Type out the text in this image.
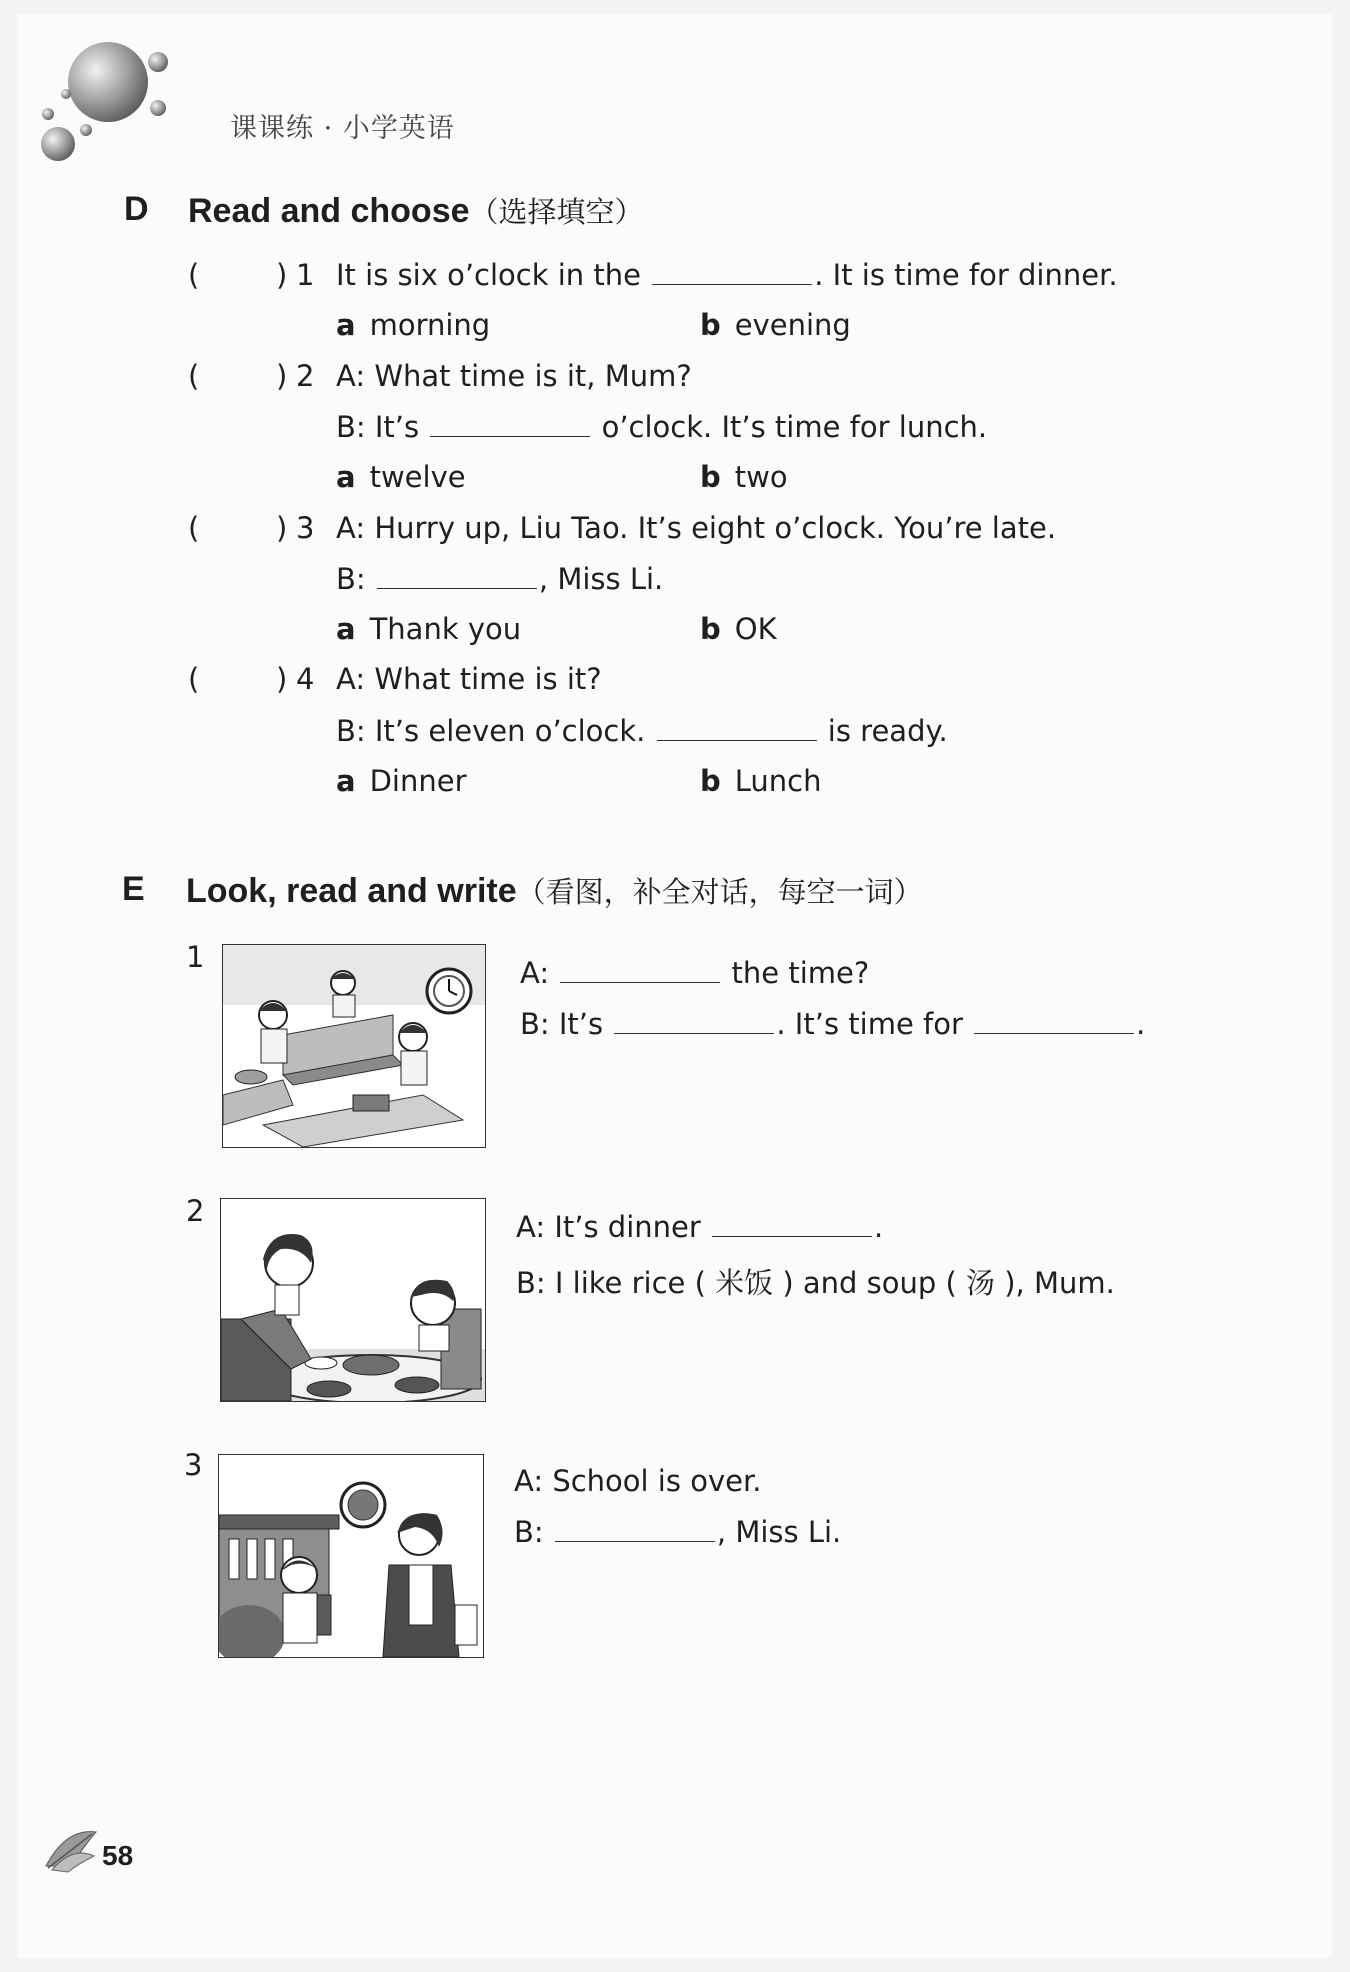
课课练 · 小学英语
D Read and choose（选择填空）
(	) 1 It is six o’clock in the	. It is time for dinner.
a morning	b evening
(	) 2 A: What time is it, Mum?
B: It’s	o’clock. It’s time for lunch.
a twelve	b two
(	) 3 A: Hurry up, Liu Tao. It’s eight o’clock. You’re late.
B:	, Miss Li.
a Thank you	b OK
(	) 4 A: What time is it?
B: It’s eleven o’clock.	is ready.
a Dinner	b Lunch
E Look, read and write（看图，补全对话，每空一词）
1	A:	the time?
B: It’s	. It’s time for	.
2	A: It’s dinner	.
B: I like rice ( 米饭 ) and soup ( 汤 ), Mum.
3	A: School is over.
B:	, Miss Li.
58
